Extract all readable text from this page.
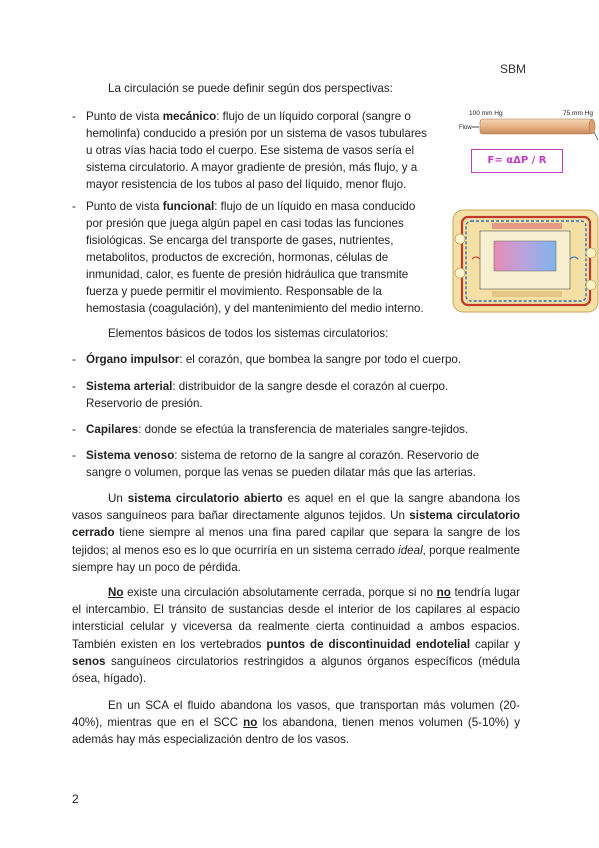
SBM
La circulación se puede definir según dos perspectivas:
- Punto de vista mecánico: flujo de un líquido corporal (sangre o
hemolinfa) conducido a presión por un sistema de vasos tubulares
u otras vías hacia todo el cuerpo. Ese sistema de vasos sería el
sistema circulatorio. A mayor gradiente de presión, más flujo, y a
mayor resistencia de los tubos al paso del líquido, menor flujo.
100 mm Hg	75 mm Hg
Flow
F= αΔP / R
- Punto de vista funcional: flujo de un líquido en masa conducido
por presión que juega algún papel en casi todas las funciones
fisiológicas. Se encarga del transporte de gases, nutrientes,
metabolitos, productos de excreción, hormonas, células de
inmunidad, calor, es fuente de presión hidráulica que transmite
fuerza y puede permitir el movimiento. Responsable de la
hemostasia (coagulación), y del mantenimiento del medio interno.
Elementos básicos de todos los sistemas circulatorios:
- Órgano impulsor: el corazón, que bombea la sangre por todo el cuerpo.
- Sistema arterial: distribuidor de la sangre desde el corazón al cuerpo.
Reservorio de presión.
- Capilares: donde se efectúa la transferencia de materiales sangre-tejidos.
- Sistema venoso: sistema de retorno de la sangre al corazón. Reservorio de
sangre o volumen, porque las venas se pueden dilatar más que las arterias.
Un sistema circulatorio abierto es aquel en el que la sangre abandona los vasos sanguíneos para bañar directamente algunos tejidos. Un sistema circulatorio cerrado tiene siempre al menos una fina pared capilar que separa la sangre de los tejidos; al menos eso es lo que ocurriría en un sistema cerrado ideal, porque realmente siempre hay un poco de pérdida.
No existe una circulación absolutamente cerrada, porque si no no tendría lugar el intercambio. El tránsito de sustancias desde el interior de los capilares al espacio intersticial celular y viceversa da realmente cierta continuidad a ambos espacios. También existen en los vertebrados puntos de discontinuidad endotelial capilar y senos sanguíneos circulatorios restringidos a algunos órganos específicos (médula ósea, hígado).
En un SCA el fluido abandona los vasos, que transportan más volumen (20-40%), mientras que en el SCC no los abandona, tienen menos volumen (5-10%) y además hay más especialización dentro de los vasos.
2
